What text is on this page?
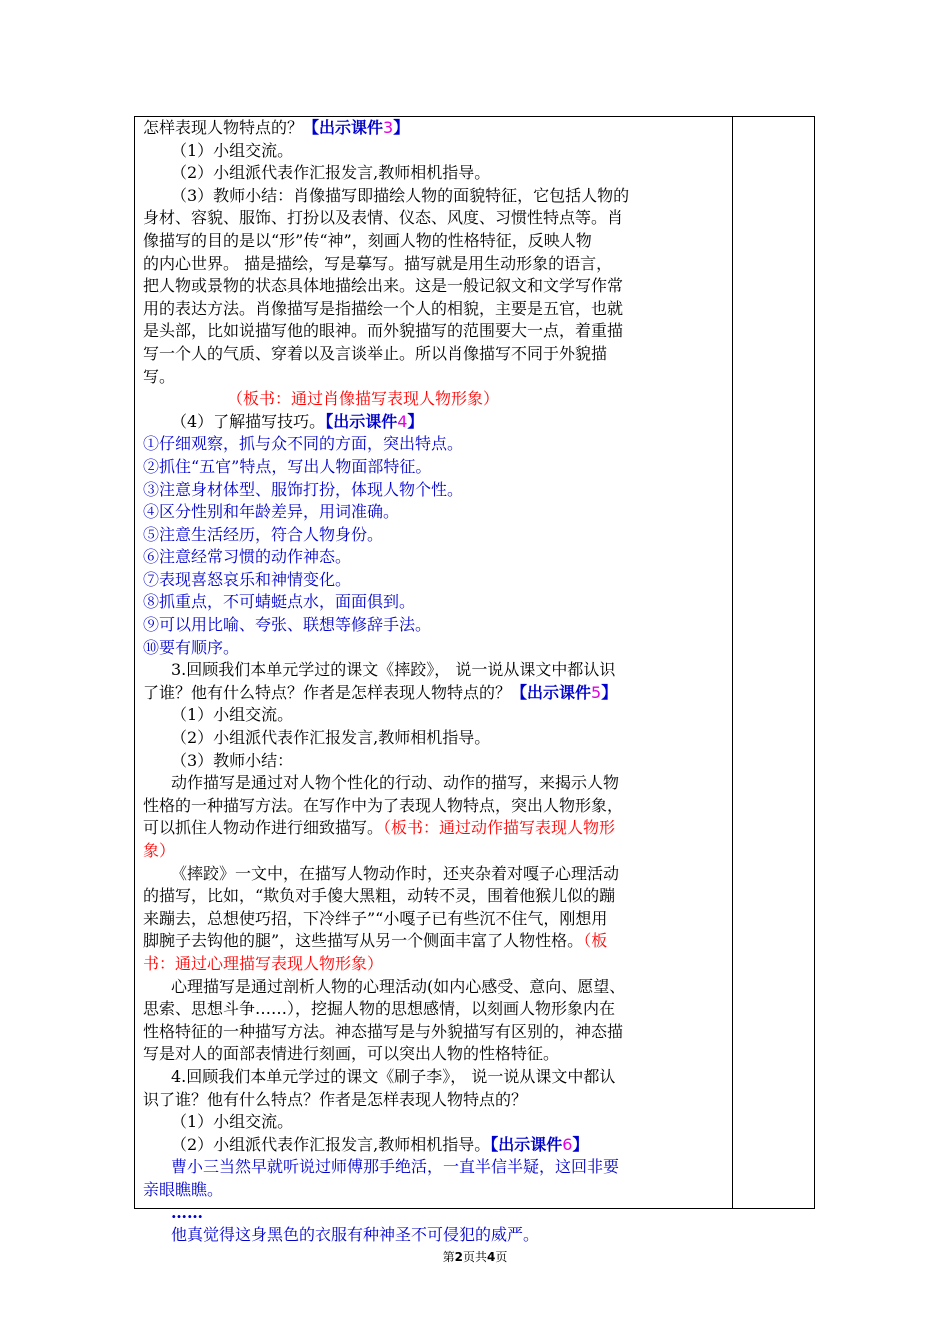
怎样表现人物特点的？【出示课件3】

（1）小组交流。

（2）小组派代表作汇报发言,教师相机指导。

（3）教师小结：肖像描写即描绘人物的面貌特征，它包括人物的

身材、容貌、服饰、打扮以及表情、仪态、风度、习惯性特点等。肖

像描写的目的是以“形”传“神”，刻画人物的性格特征，反映人物

的内心世界。 描是描绘，写是摹写。描写就是用生动形象的语言，

把人物或景物的状态具体地描绘出来。这是一般记叙文和文学写作常

用的表达方法。肖像描写是指描绘一个人的相貌，主要是五官，也就

是头部，比如说描写他的眼神。而外貌描写的范围要大一点，着重描

写一个人的气质、穿着以及言谈举止。所以肖像描写不同于外貌描

写。

（板书：通过肖像描写表现人物形象）

（4）了解描写技巧。【出示课件4】

①仔细观察，抓与众不同的方面，突出特点。

②抓住“五官”特点，写出人物面部特征。

③注意身材体型、服饰打扮，体现人物个性。

④区分性别和年龄差异，用词准确。

⑤注意生活经历，符合人物身份。

⑥注意经常习惯的动作神态。

⑦表现喜怒哀乐和神情变化。

⑧抓重点，不可蜻蜓点水，面面俱到。

⑨可以用比喻、夸张、联想等修辞手法。

⑩要有顺序。

3.回顾我们本单元学过的课文《摔跤》， 说一说从课文中都认识

了谁？他有什么特点？作者是怎样表现人物特点的？【出示课件5】

（1）小组交流。

（2）小组派代表作汇报发言,教师相机指导。

（3）教师小结：

动作描写是通过对人物个性化的行动、动作的描写，来揭示人物

性格的一种描写方法。在写作中为了表现人物特点，突出人物形象，

可以抓住人物动作进行细致描写。（板书：通过动作描写表现人物形

象）

《摔跤》一文中，在描写人物动作时，还夹杂着对嘎子心理活动

的描写，比如，“欺负对手傻大黑粗，动转不灵，围着他猴儿似的蹦

来蹦去，总想使巧招，下冷绊子”“小嘎子已有些沉不住气，刚想用

脚腕子去钩他的腿”，这些描写从另一个侧面丰富了人物性格。（板

书：通过心理描写表现人物形象）

心理描写是通过剖析人物的心理活动(如内心感受、意向、愿望、

思索、思想斗争……），挖掘人物的思想感情，以刻画人物形象内在

性格特征的一种描写方法。神态描写是与外貌描写有区别的，神态描

写是对人的面部表情进行刻画，可以突出人物的性格特征。

4.回顾我们本单元学过的课文《刷子李》， 说一说从课文中都认

识了谁？他有什么特点？作者是怎样表现人物特点的？

（1）小组交流。

（2）小组派代表作汇报发言,教师相机指导。【出示课件6】

曹小三当然早就听说过师傅那手绝活，一直半信半疑，这回非要

亲眼瞧瞧。

……

他真觉得这身黑色的衣服有种神圣不可侵犯的威严。

第2页共4页
